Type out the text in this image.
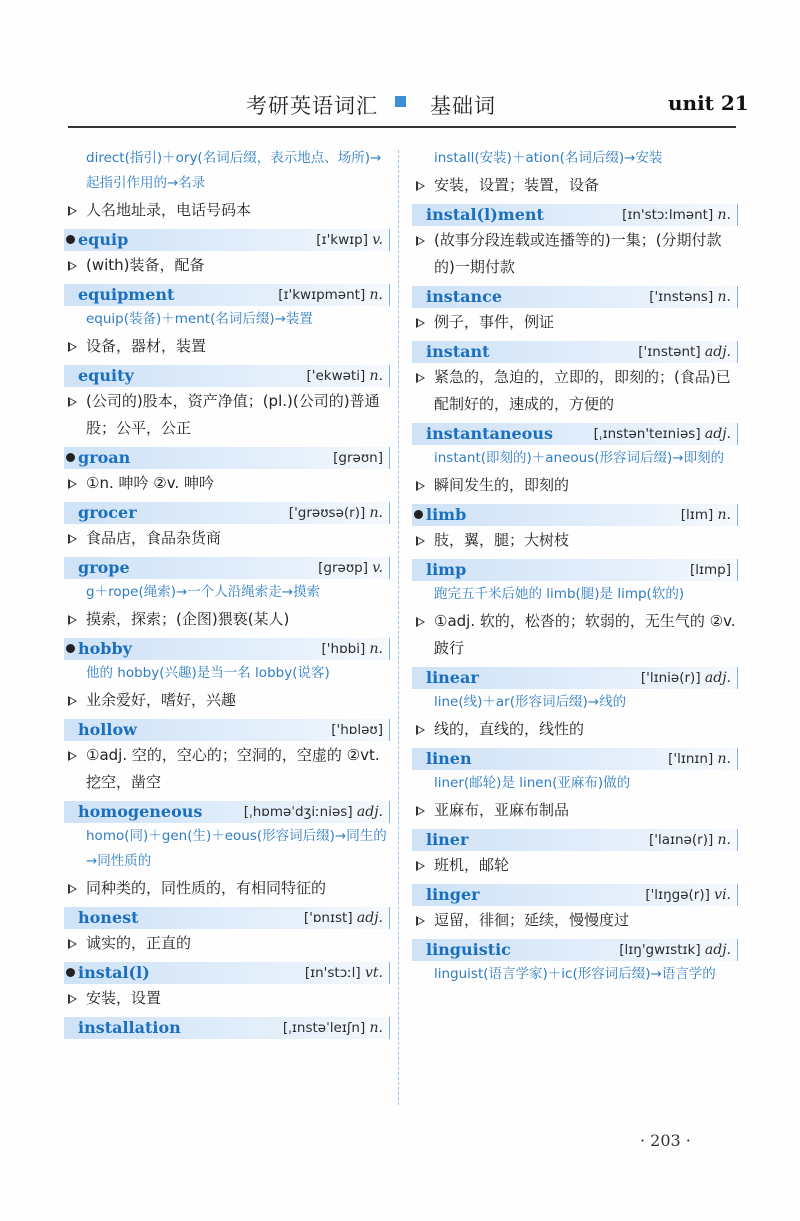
考研英语词汇 基础词	unit 21
direct(指引)＋ory(名词后缀，表示地点、场所)→起指引作用的→名录
人名地址录，电话号码本
equip	[ɪ'kwɪp] v.
(with)装备，配备
equipment	[ɪ'kwɪpmənt] n.
equip(装备)＋ment(名词后缀)→装置
设备，器材，装置
equity	['ekwəti] n.
(公司的)股本，资产净值；(pl.)(公司的)普通股；公平，公正
groan	[grəʊn]
①n. 呻吟 ②v. 呻吟
grocer	['grəʊsə(r)] n.
食品店，食品杂货商
grope	[grəʊp] v.
g＋rope(绳索)→一个人沿绳索走→摸索
摸索，探索；(企图)猥亵(某人)
hobby	['hɒbi] n.
他的 hobby(兴趣)是当一名 lobby(说客)
业余爱好，嗜好，兴趣
hollow	['hɒləʊ]
①adj. 空的，空心的；空洞的，空虚的 ②vt. 挖空，凿空
homogeneous	[ˌhɒməˈdʒiːniəs] adj.
homo(同)＋gen(生)＋eous(形容词后缀)→同生的→同性质的
同种类的，同性质的，有相同特征的
honest	['ɒnɪst] adj.
诚实的，正直的
instal(l)	[ɪn'stɔːl] vt.
安装，设置
installation	[ˌɪnstəˈleɪʃn] n.
install(安装)＋ation(名词后缀)→安装
安装，设置；装置，设备
instal(l)ment	[ɪn'stɔːlmənt] n.
(故事分段连载或连播等的)一集；(分期付款的)一期付款
instance	['ɪnstəns] n.
例子，事件，例证
instant	['ɪnstənt] adj.
紧急的，急迫的，立即的，即刻的；(食品)已配制好的，速成的，方便的
instantaneous	[ˌɪnstən'teɪniəs] adj.
instant(即刻的)＋aneous(形容词后缀)→即刻的
瞬间发生的，即刻的
limb	[lɪm] n.
肢，翼，腿；大树枝
limp	[lɪmp]
跑完五千米后她的 limb(腿)是 limp(软的)
①adj. 软的，松沓的；软弱的，无生气的 ②v. 跛行
linear	['lɪniə(r)] adj.
line(线)＋ar(形容词后缀)→线的
线的，直线的，线性的
linen	['lɪnɪn] n.
liner(邮轮)是 linen(亚麻布)做的
亚麻布，亚麻布制品
liner	['laɪnə(r)] n.
班机，邮轮
linger	['lɪŋgə(r)] vi.
逗留，徘徊；延续，慢慢度过
linguistic	[lɪŋ'gwɪstɪk] adj.
linguist(语言学家)＋ic(形容词后缀)→语言学的
· 203 ·
